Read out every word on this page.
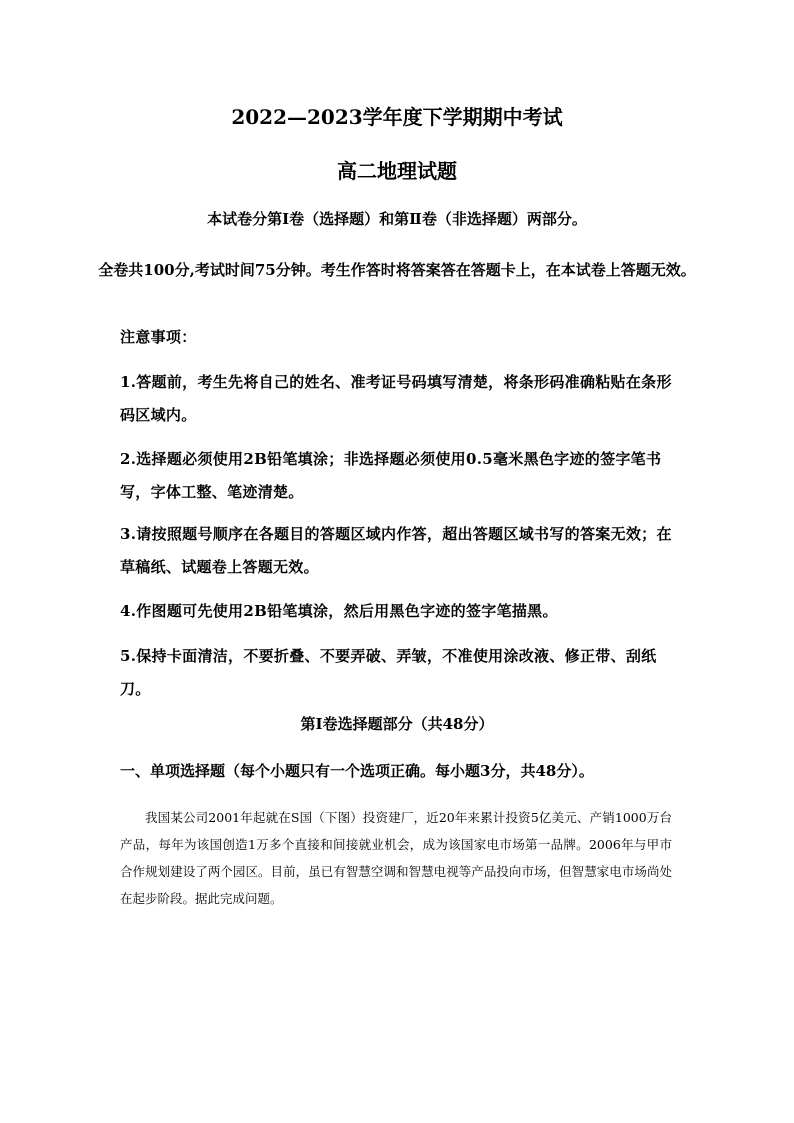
2022—2023学年度下学期期中考试
高二地理试题
本试卷分第Ⅰ卷（选择题）和第Ⅱ卷（非选择题）两部分。
全卷共100分,考试时间75分钟。考生作答时将答案答在答题卡上，在本试卷上答题无效。
注意事项：
1.答题前，考生先将自己的姓名、准考证号码填写清楚，将条形码准确粘贴在条形码区域内。
2.选择题必须使用2B铅笔填涂；非选择题必须使用0.5毫米黑色字迹的签字笔书写，字体工整、笔迹清楚。
3.请按照题号顺序在各题目的答题区域内作答，超出答题区域书写的答案无效；在草稿纸、试题卷上答题无效。
4.作图题可先使用2B铅笔填涂，然后用黑色字迹的签字笔描黑。
5.保持卡面清洁，不要折叠、不要弄破、弄皱，不准使用涂改液、修正带、刮纸刀。
第Ⅰ卷选择题部分（共48分）
一、单项选择题（每个小题只有一个选项正确。每小题3分，共48分）。
我国某公司2001年起就在S国（下图）投资建厂，近20年来累计投资5亿美元、产销1000万台产品，每年为该国创造1万多个直接和间接就业机会，成为该国家电市场第一品牌。2006年与甲市合作规划建设了两个园区。目前，虽已有智慧空调和智慧电视等产品投向市场，但智慧家电市场尚处在起步阶段。据此完成问题。
